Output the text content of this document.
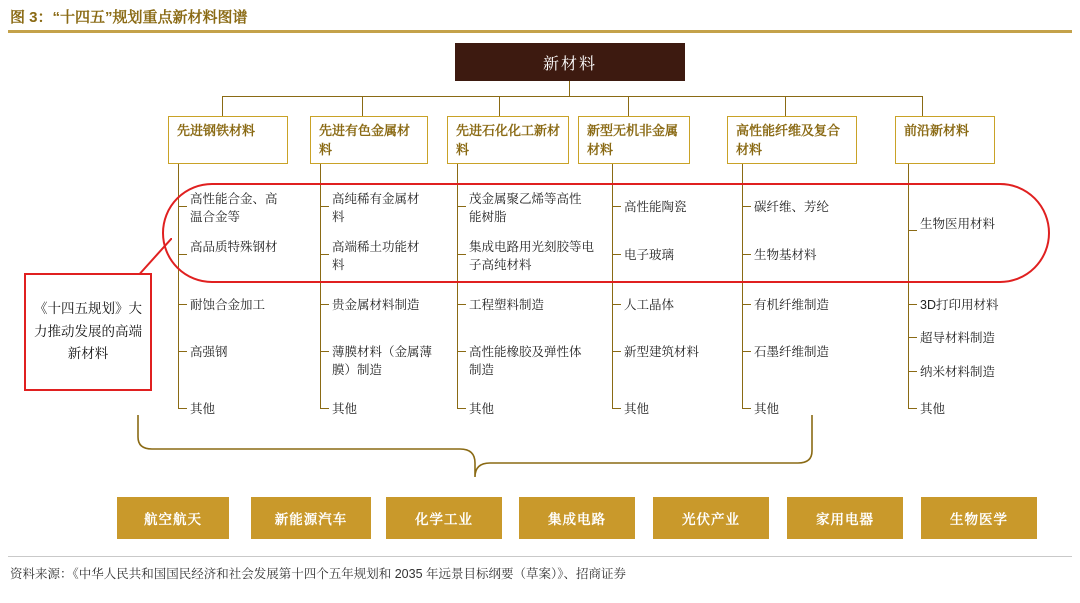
图 3：“十四五”规划重点新材料图谱
新材料
先进钢铁材料	先进有色金属材料
先进石化化工新材料
新型无机非金属材料
高性能纤维及复合材料
前沿新材料
高性能合金、高温合金等
高品质特殊钢材
耐蚀合金加工
高强钢
其他
高纯稀有金属材料
高端稀土功能材料
贵金属材料制造
薄膜材料（金属薄膜）制造
其他
茂金属聚乙烯等高性能树脂
集成电路用光刻胶等电子高纯材料
工程塑料制造
高性能橡胶及弹性体制造
其他
高性能陶瓷
电子玻璃
人工晶体
新型建筑材料
其他
碳纤维、芳纶
生物基材料
有机纤维制造
石墨纤维制造
其他
生物医用材料
3D打印用材料
超导材料制造
纳米材料制造
其他
《十四五规划》大力推动发展的高端新材料
航空航天	新能源汽车	化学工业	集成电路	光伏产业	家用电器	生物医学
资料来源：《中华人民共和国国民经济和社会发展第十四个五年规划和 2035 年远景目标纲要（草案）》、招商证券
